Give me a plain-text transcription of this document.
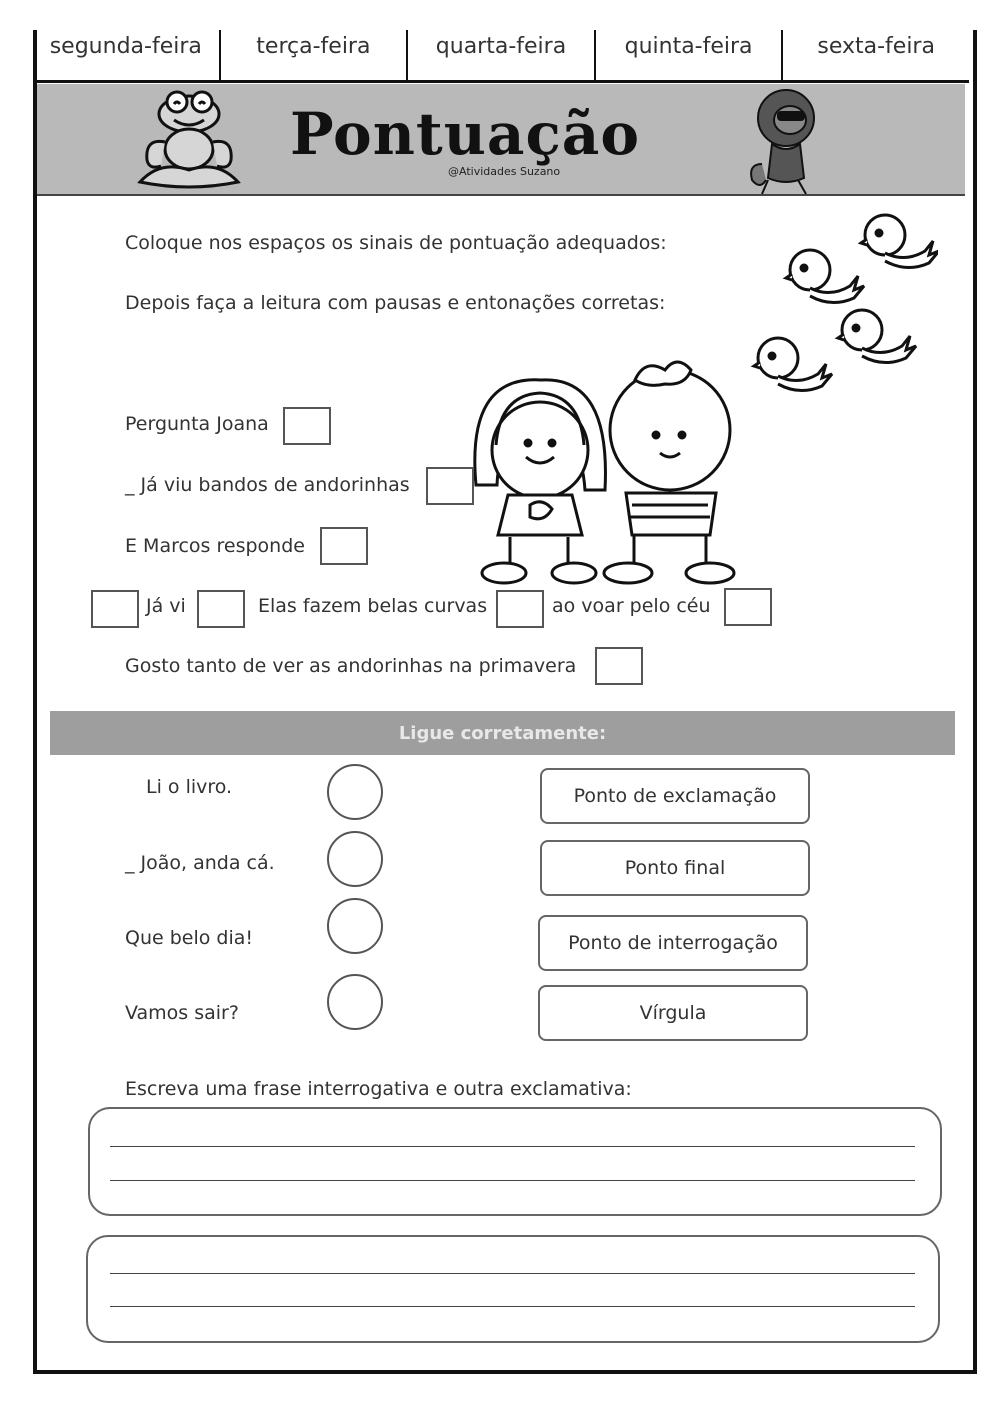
segunda-feira	terça-feira	quarta-feira	quinta-feira	sexta-feira
Pontuação
@Atividades Suzano
Coloque nos espaços os sinais de pontuação adequados:
Depois faça a leitura com pausas e entonações corretas:
Pergunta Joana
_ Já viu bandos de andorinhas
E Marcos responde
Já vi	Elas fazem belas curvas	ao voar pelo céu
Gosto tanto de ver as andorinhas na primavera
Ligue corretamente:
Li o livro.
_ João, anda cá.
Que belo dia!
Vamos sair?
Ponto de exclamação
Ponto final
Ponto de interrogação
Vírgula
Escreva uma frase interrogativa e outra exclamativa:
